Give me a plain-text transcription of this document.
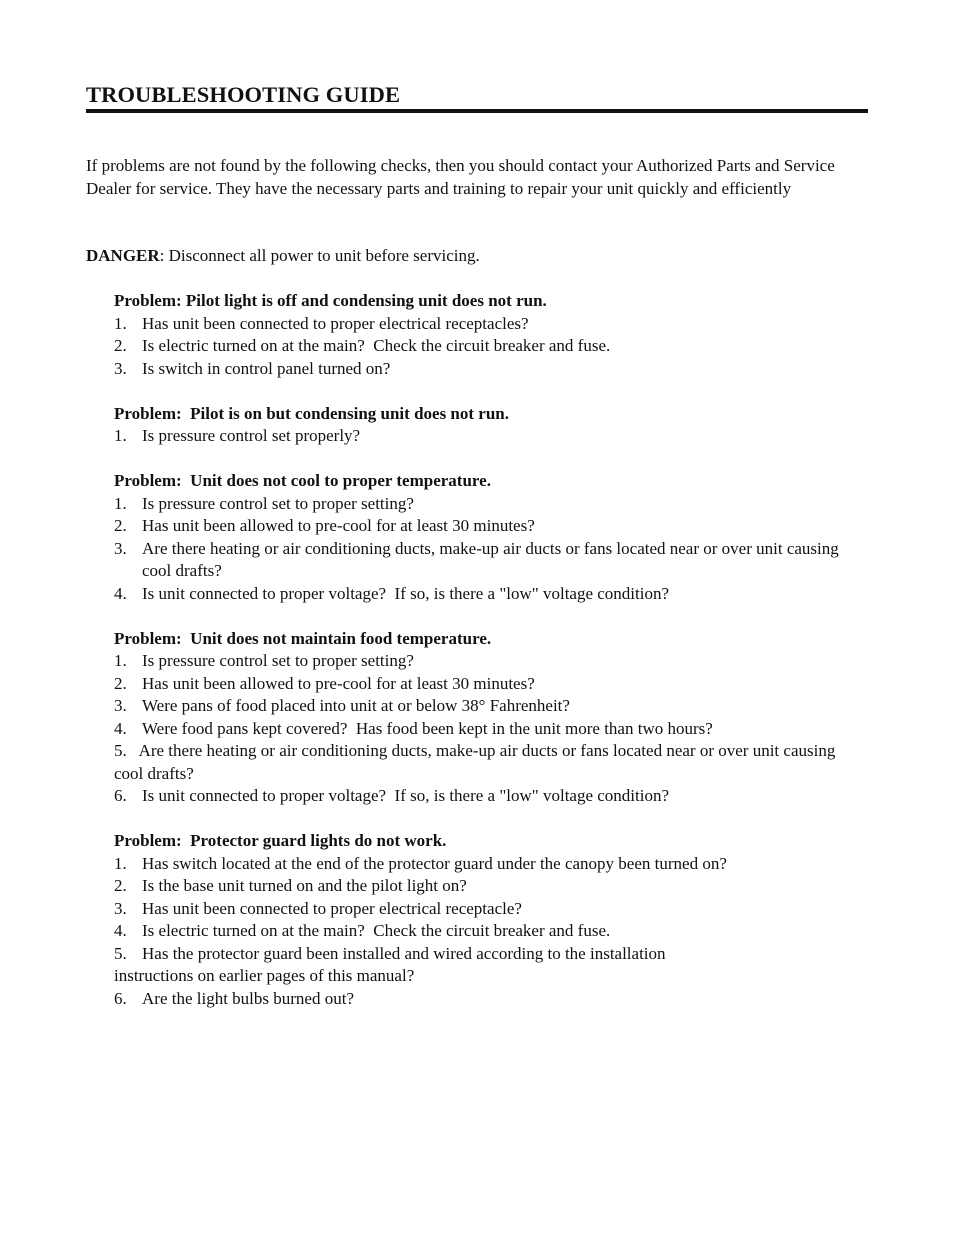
TROUBLESHOOTING GUIDE
If problems are not found by the following checks, then you should contact your Authorized Parts and Service Dealer for service. They have the necessary parts and training to repair your unit quickly and efficiently
DANGER: Disconnect all power to unit before servicing.
Problem: Pilot light is off and condensing unit does not run.
1. Has unit been connected to proper electrical receptacles?
2. Is electric turned on at the main?  Check the circuit breaker and fuse.
3. Is switch in control panel turned on?
Problem:  Pilot is on but condensing unit does not run.
1. Is pressure control set properly?
Problem:  Unit does not cool to proper temperature.
1. Is pressure control set to proper setting?
2. Has unit been allowed to pre-cool for at least 30 minutes?
3. Are there heating or air conditioning ducts, make-up air ducts or fans located near or over unit causing cool drafts?
4. Is unit connected to proper voltage?  If so, is there a "low" voltage condition?
Problem:  Unit does not maintain food temperature.
1. Is pressure control set to proper setting?
2. Has unit been allowed to pre-cool for at least 30 minutes?
3. Were pans of food placed into unit at or below 38° Fahrenheit?
4. Were food pans kept covered?  Has food been kept in the unit more than two hours?
5. Are there heating or air conditioning ducts, make-up air ducts or fans located near or over unit causing cool drafts?
6. Is unit connected to proper voltage?  If so, is there a "low" voltage condition?
Problem:  Protector guard lights do not work.
1. Has switch located at the end of the protector guard under the canopy been turned on?
2. Is the base unit turned on and the pilot light on?
3. Has unit been connected to proper electrical receptacle?
4. Is electric turned on at the main?  Check the circuit breaker and fuse.
5. Has the protector guard been installed and wired according to the installation
instructions on earlier pages of this manual?
6. Are the light bulbs burned out?
